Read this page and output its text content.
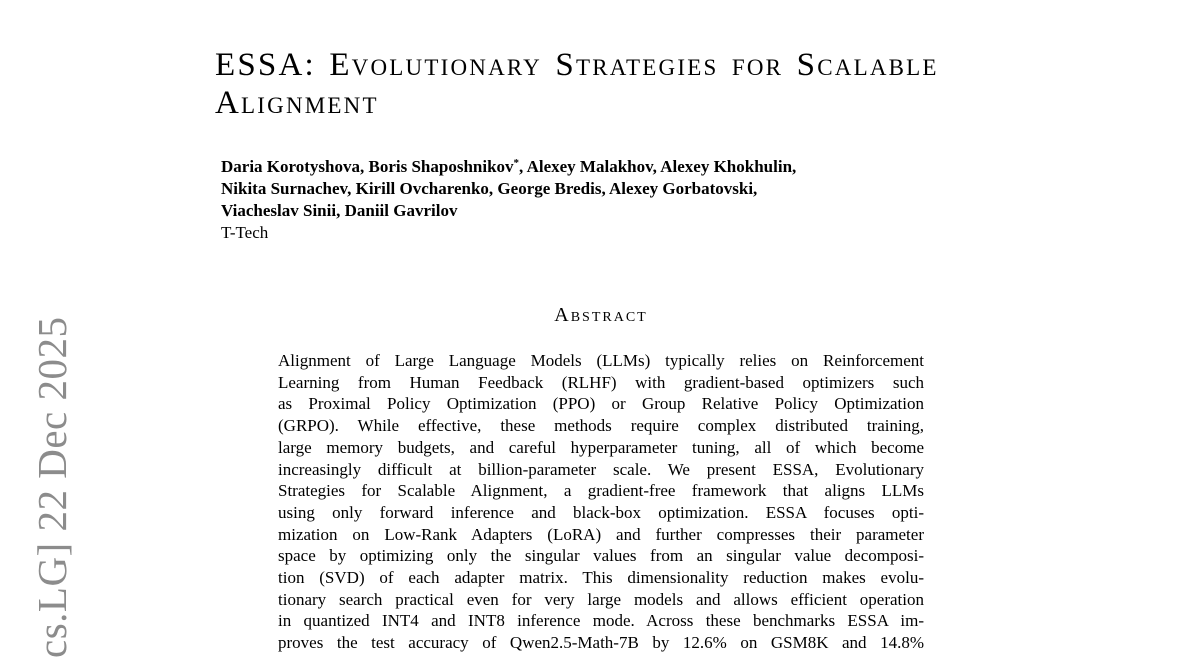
cs.LG] 22 Dec 2025
ESSA: Evolutionary Strategies for Scalable Alignment
Daria Korotyshova, Boris Shaposhnikov*, Alexey Malakhov, Alexey Khokhulin,
Nikita Surnachev, Kirill Ovcharenko, George Bredis, Alexey Gorbatovski,
Viacheslav Sinii, Daniil Gavrilov
T-Tech
Abstract
Alignment of Large Language Models (LLMs) typically relies on Reinforcement
Learning from Human Feedback (RLHF) with gradient-based optimizers such
as Proximal Policy Optimization (PPO) or Group Relative Policy Optimization
(GRPO). While effective, these methods require complex distributed training,
large memory budgets, and careful hyperparameter tuning, all of which become
increasingly difficult at billion-parameter scale. We present ESSA, Evolutionary
Strategies for Scalable Alignment, a gradient-free framework that aligns LLMs
using only forward inference and black-box optimization. ESSA focuses opti-
mization on Low-Rank Adapters (LoRA) and further compresses their parameter
space by optimizing only the singular values from an singular value decomposi-
tion (SVD) of each adapter matrix. This dimensionality reduction makes evolu-
tionary search practical even for very large models and allows efficient operation
in quantized INT4 and INT8 inference mode. Across these benchmarks ESSA im-
proves the test accuracy of Qwen2.5-Math-7B by 12.6% on GSM8K and 14.8%
